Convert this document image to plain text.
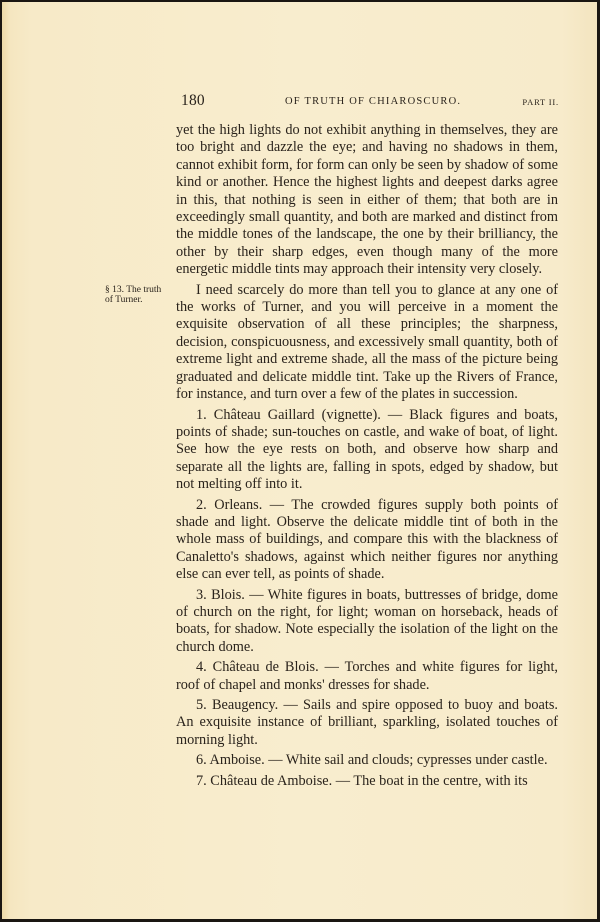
180	OF TRUTH OF CHIAROSCURO.	PART II.
§ 13. The truth of Turner.

yet the high lights do not exhibit anything in themselves, they are too bright and dazzle the eye; and having no shadows in them, cannot exhibit form, for form can only be seen by shadow of some kind or another. Hence the highest lights and deepest darks agree in this, that nothing is seen in either of them; that both are in exceedingly small quantity, and both are marked and distinct from the middle tones of the landscape, the one by their brilliancy, the other by their sharp edges, even though many of the more energetic middle tints may approach their intensity very closely.

I need scarcely do more than tell you to glance at any one of the works of Turner, and you will perceive in a moment the exquisite observation of all these principles; the sharpness, decision, conspicuousness, and excessively small quantity, both of extreme light and extreme shade, all the mass of the picture being graduated and delicate middle tint. Take up the Rivers of France, for instance, and turn over a few of the plates in succession.

1. Château Gaillard (vignette). — Black figures and boats, points of shade; sun-touches on castle, and wake of boat, of light. See how the eye rests on both, and observe how sharp and separate all the lights are, falling in spots, edged by shadow, but not melting off into it.

2. Orleans. — The crowded figures supply both points of shade and light. Observe the delicate middle tint of both in the whole mass of buildings, and compare this with the blackness of Canaletto's shadows, against which neither figures nor anything else can ever tell, as points of shade.

3. Blois. — White figures in boats, buttresses of bridge, dome of church on the right, for light; woman on horseback, heads of boats, for shadow. Note especially the isolation of the light on the church dome.

4. Château de Blois. — Torches and white figures for light, roof of chapel and monks' dresses for shade.

5. Beaugency. — Sails and spire opposed to buoy and boats. An exquisite instance of brilliant, sparkling, isolated touches of morning light.

6. Amboise. — White sail and clouds; cypresses under castle.

7. Château de Amboise. — The boat in the centre, with its
